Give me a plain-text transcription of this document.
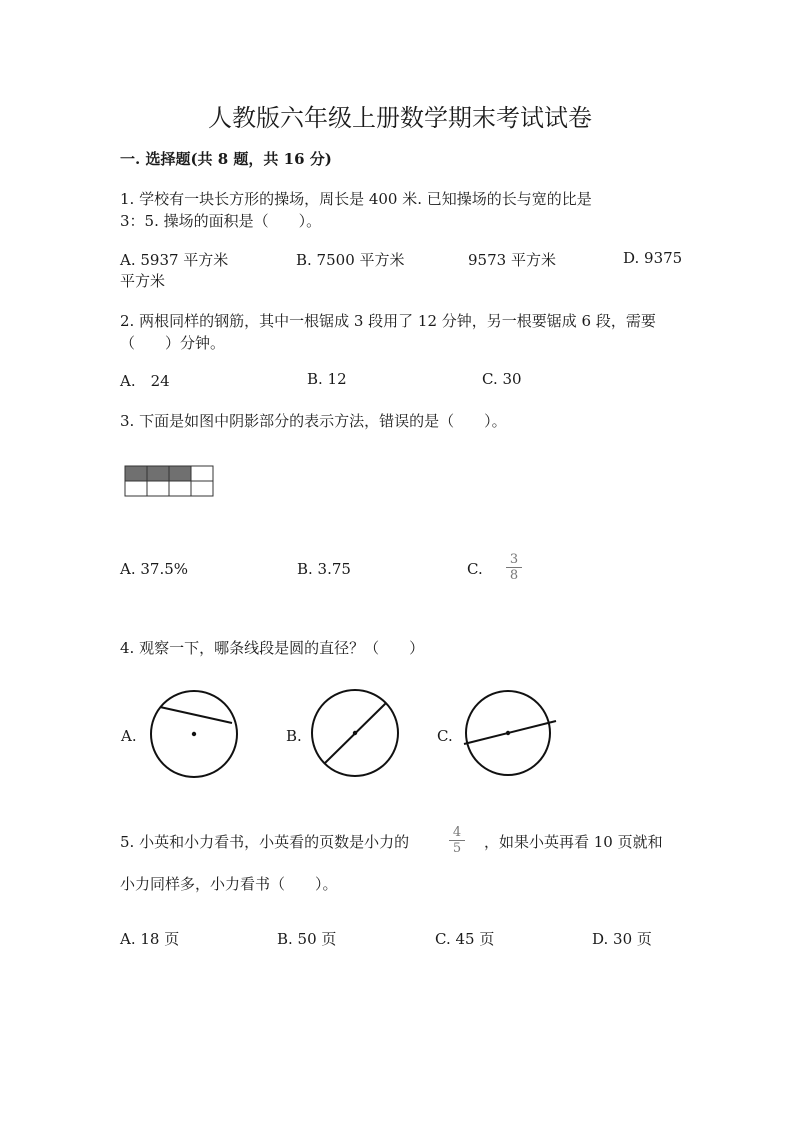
人教版六年级上册数学期末考试试卷
一. 选择题(共 8 题，共 16 分)
1. 学校有一块长方形的操场，周长是 400 米. 已知操场的长与宽的比是
3：5. 操场的面积是（　　）。
A. 5937 平方米	B. 7500 平方米	9573 平方米	D. 9375
平方米
2. 两根同样的钢筋，其中一根锯成 3 段用了 12 分钟，另一根要锯成 6 段，需要
（　　）分钟。
A.　24	B. 12	C. 30
3. 下面是如图中阴影部分的表示方法，错误的是（　　）。
A. 37.5%	B. 3.75	C.
3
8
4. 观察一下，哪条线段是圆的直径？（　　）
A.	B.	C.
5. 小英和小力看书，小英看的页数是小力的
4
5 ，如果小英再看 10 页就和
小力同样多，小力看书（　　）。
A. 18 页	B. 50 页	C. 45 页	D. 30 页
